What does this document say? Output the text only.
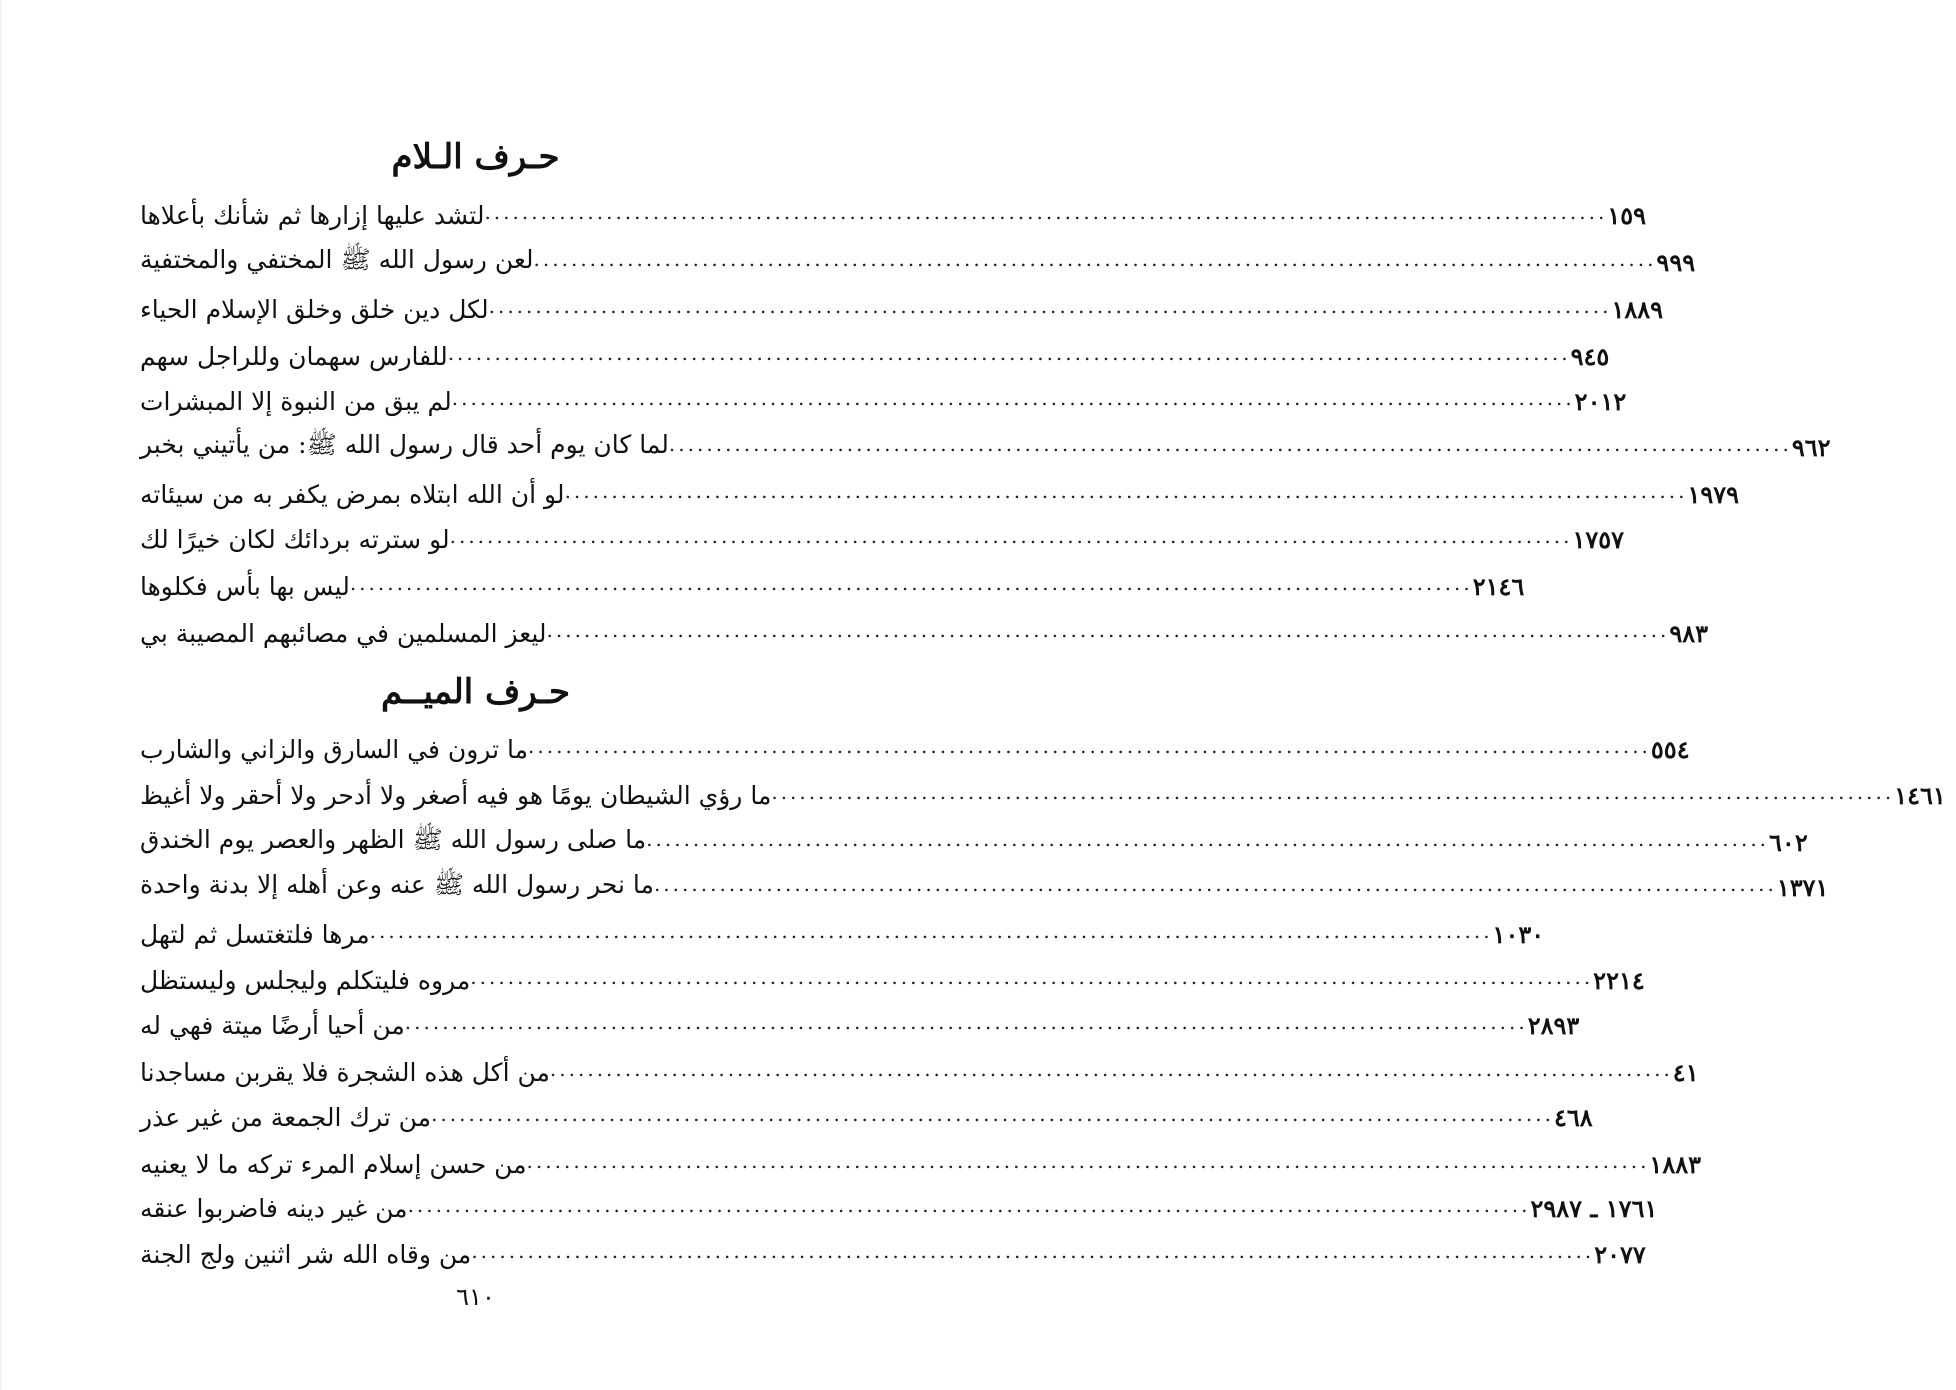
حـرف الـلام
لتشد عليها إزارها ثم شأنك بأعلاها ........................................................................................................................ ١٥٩
لعن رسول الله ﷺ المختفي والمختفية ........................................................................................................................ ٩٩٩
لكل دين خلق وخلق الإسلام الحياء ........................................................................................................................ ١٨٨٩
للفارس سهمان وللراجل سهم ........................................................................................................................ ٩٤٥
لم يبق من النبوة إلا المبشرات ........................................................................................................................ ٢٠١٢
لما كان يوم أحد قال رسول الله ﷺ: من يأتيني بخبر ........................................................................................................................ ٩٦٢
لو أن الله ابتلاه بمرض يكفر به من سيئاته ........................................................................................................................ ١٩٧٩
لو سترته بردائك لكان خيرًا لك ........................................................................................................................ ١٧٥٧
ليس بها بأس فكلوها ........................................................................................................................ ٢١٤٦
ليعز المسلمين في مصائبهم المصيبة بي ........................................................................................................................ ٩٨٣
حـرف الميــم
ما ترون في السارق والزاني والشارب ........................................................................................................................ ٥٥٤
ما رؤي الشيطان يومًا هو فيه أصغر ولا أدحر ولا أحقر ولا أغيظ ........................................................................................................................ ١٤٦١
ما صلى رسول الله ﷺ الظهر والعصر يوم الخندق ........................................................................................................................ ٦٠٢
ما نحر رسول الله ﷺ عنه وعن أهله إلا بدنة واحدة ........................................................................................................................ ١٣٧١
مرها فلتغتسل ثم لتهل ........................................................................................................................ ١٠٣٠
مروه فليتكلم وليجلس وليستظل ........................................................................................................................ ٢٢١٤
من أحيا أرضًا ميتة فهي له ........................................................................................................................ ٢٨٩٣
من أكل هذه الشجرة فلا يقربن مساجدنا ........................................................................................................................ ٤١
من ترك الجمعة من غير عذر ........................................................................................................................ ٤٦٨
من حسن إسلام المرء تركه ما لا يعنيه ........................................................................................................................ ١٨٨٣
من غير دينه فاضربوا عنقه ........................................................................................................................ ١٧٦١ ـ ٢٩٨٧
من وقاه الله شر اثنين ولج الجنة ........................................................................................................................ ٢٠٧٧
٦١٠
